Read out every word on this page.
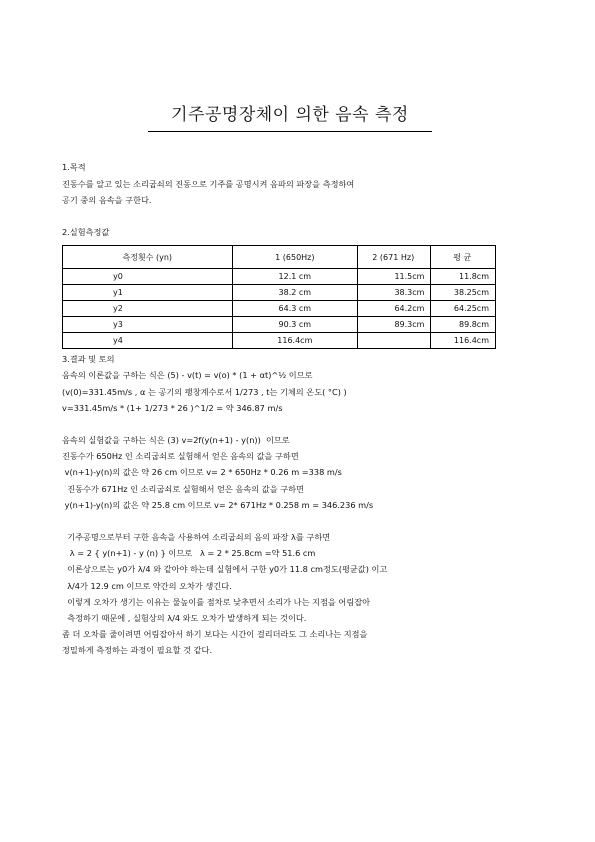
기주공명장체이 의한 음속 측정
1.목적
진동수를 알고 있는 소리굽쇠의 진동으로 기주를 공명시켜 음파의 파장을 측정하여
공기 중의 음속을 구한다.
2.실험측정값
측정횟수 (yn)	1 (650Hz)	2 (671 Hz)	평 균
y0	12.1 cm	11.5cm	11.8cm
y1	38.2 cm	38.3cm	38.25cm
y2	64.3 cm	64.2cm	64.25cm
y3	90.3 cm	89.3cm	89.8cm
y4	116.4cm		116.4cm
3.결과 및 토의
음속의 이론값을 구하는 식은 (5) - v(t) = v(o) * (1 + αt)^½ 이므로
(v(0)=331.45m/s , α 는 공기의 팽창계수로서 1/273 , t는 기체의 온도( °C) )
v=331.45m/s * (1+ 1/273 * 26 )^1/2 = 약 346.87 m/s
음속의 실험값을 구하는 식은 (3) v=2f(y(n+1) - y(n))  이므로
진동수가 650Hz 인 소리굽쇠로 실험해서 얻은 음속의 값을 구하면
v(n+1)-y(n)의 값은 약 26 cm 이므로 v= 2 * 650Hz * 0.26 m =338 m/s
진동수가 671Hz 인 소리굽쇠로 실험해서 얻은 음속의 값을 구하면
y(n+1)-y(n)의 값은 약 25.8 cm 이므로 v= 2* 671Hz * 0.258 m = 346.236 m/s
기주공명으로부터 구한 음속을 사용하여 소리굽쇠의 음의 파장 λ를 구하면
λ = 2 { y(n+1) - y (n) } 이므로   λ = 2 * 25.8cm =약 51.6 cm
이론상으로는 y0가 λ/4 와 같아야 하는데 실험에서 구한 y0가 11.8 cm정도(평균값) 이고
λ/4가 12.9 cm 이므로 약간의 오차가 생긴다.
이렇게 오차가 생기는 이유는 물높이를 점차로 낮추면서 소리가 나는 지점을 어림잡아
측정하기 때문에 , 실험상의 λ/4 와도 오차가 발생하게 되는 것이다.
좀 더 오차를 줄이려면 어림잡아서 하기 보다는 시간이 걸리더라도 그 소리나는 지점을
정밀하게 측정하는 과정이 필요할 것 같다.
